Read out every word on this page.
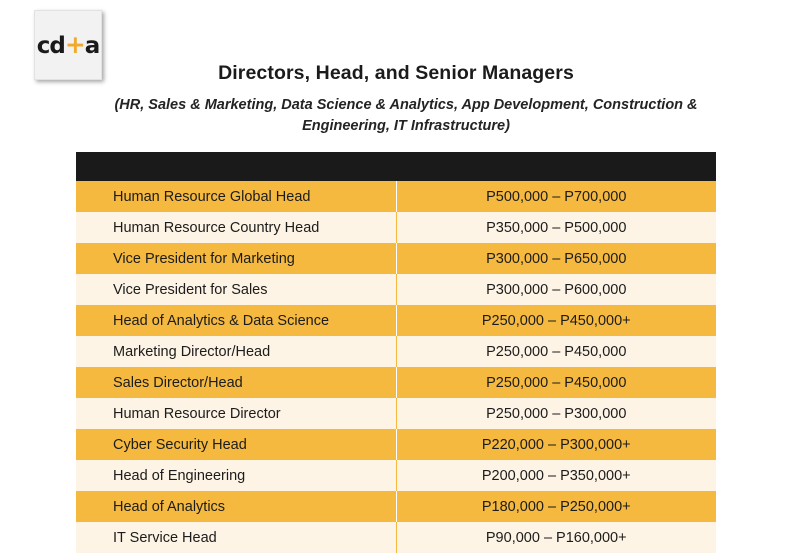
cd+a
Directors, Head, and Senior Managers
(HR, Sales & Marketing, Data Science & Analytics, App Development, Construction & Engineering, IT Infrastructure)

Human Resource Global Head	P500,000 – P700,000
Human Resource Country Head	P350,000 – P500,000
Vice President for Marketing	P300,000 – P650,000
Vice President for Sales	P300,000 – P600,000
Head of Analytics & Data Science	P250,000 – P450,000+
Marketing Director/Head	P250,000 – P450,000
Sales Director/Head	P250,000 – P450,000
Human Resource Director	P250,000 – P300,000
Cyber Security Head	P220,000 – P300,000+
Head of Engineering	P200,000 – P350,000+
Head of Analytics	P180,000 – P250,000+
IT Service Head	P90,000 – P160,000+
